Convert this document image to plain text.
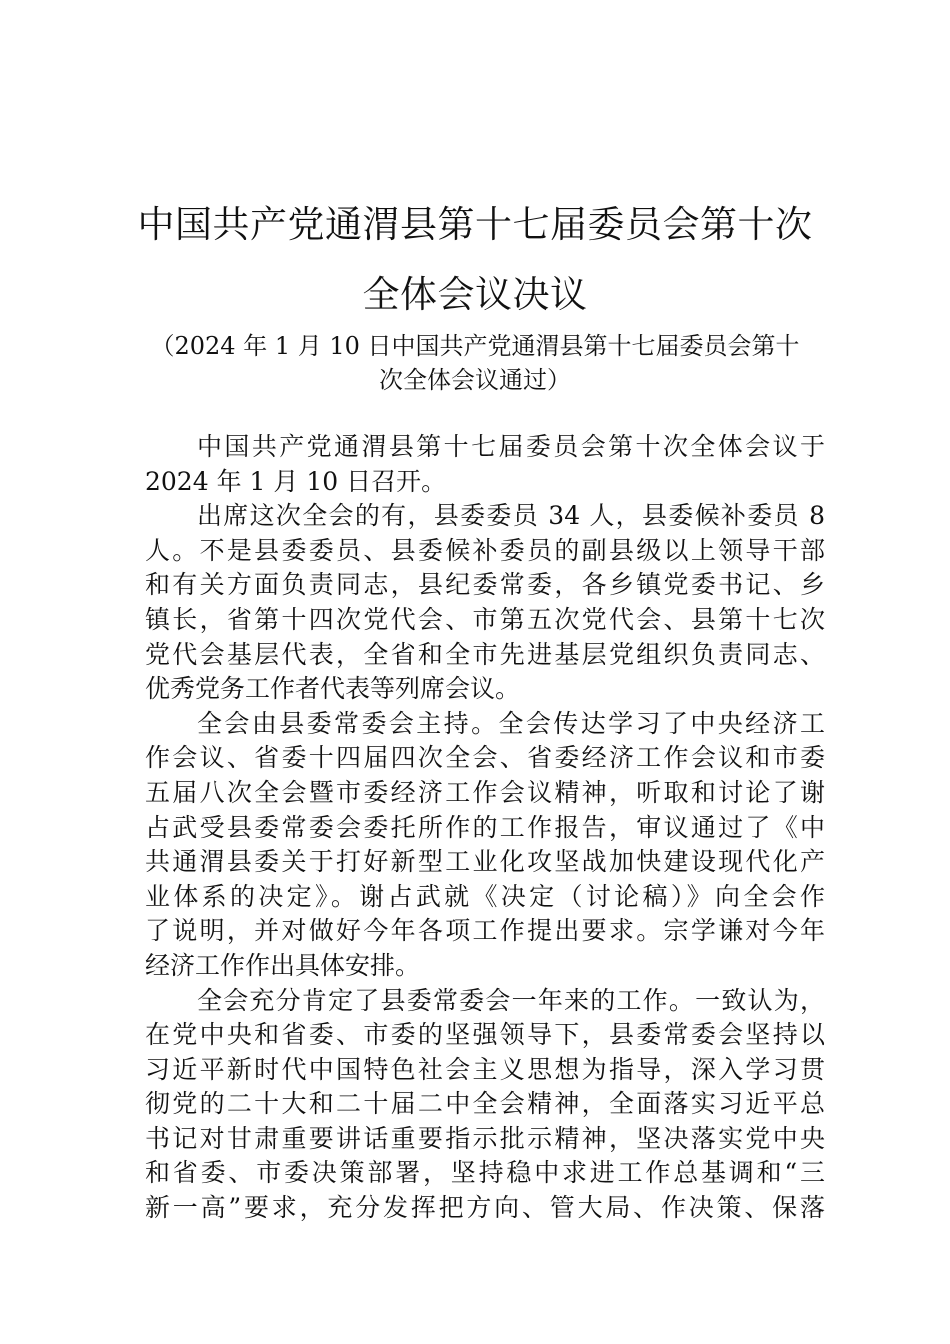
中国共产党通渭县第十七届委员会第十次
全体会议决议
（2024 年 1 月 10 日中国共产党通渭县第十七届委员会第十
次全体会议通过）
中国共产党通渭县第十七届委员会第十次全体会议于
2024 年 1 月 10 日召开。
出席这次全会的有，县委委员 34 人，县委候补委员 8
人。不是县委委员、县委候补委员的副县级以上领导干部
和有关方面负责同志，县纪委常委，各乡镇党委书记、乡
镇长，省第十四次党代会、市第五次党代会、县第十七次
党代会基层代表，全省和全市先进基层党组织负责同志、
优秀党务工作者代表等列席会议。
全会由县委常委会主持。全会传达学习了中央经济工
作会议、省委十四届四次全会、省委经济工作会议和市委
五届八次全会暨市委经济工作会议精神，听取和讨论了谢
占武受县委常委会委托所作的工作报告，审议通过了《中
共通渭县委关于打好新型工业化攻坚战加快建设现代化产
业体系的决定》。谢占武就《决定（讨论稿）》向全会作
了说明，并对做好今年各项工作提出要求。宗学谦对今年
经济工作作出具体安排。
全会充分肯定了县委常委会一年来的工作。一致认为，
在党中央和省委、市委的坚强领导下，县委常委会坚持以
习近平新时代中国特色社会主义思想为指导，深入学习贯
彻党的二十大和二十届二中全会精神，全面落实习近平总
书记对甘肃重要讲话重要指示批示精神，坚决落实党中央
和省委、市委决策部署，坚持稳中求进工作总基调和“三
新一高”要求，充分发挥把方向、管大局、作决策、保落
